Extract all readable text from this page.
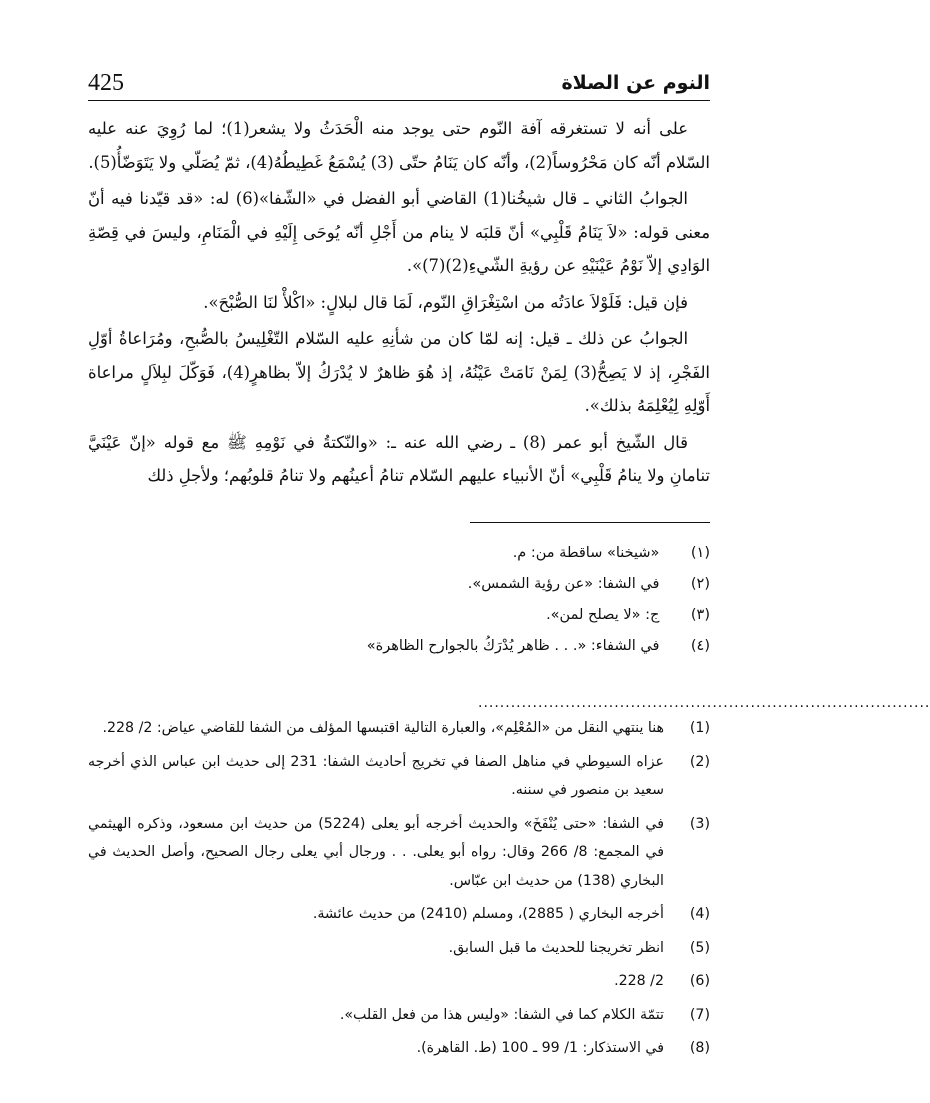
425	النوم عن الصلاة

على أنه لا تستغرقه آفة النّوم حتى يوجد منه الْحَدَثُ ولا يشعر(1)؛ لما رُوِيَ عنه عليه السّلام أنّه كان مَحْرُوساً(2)، وأنّه كان يَنَامُ حتّى (3) يُسْمَعُ غَطِيطُهُ(4)، ثمّ يُصَلّي ولا يَتَوَضّأُ(5).

الجوابُ الثاني ـ قال شيخُنا(1) القاضي أبو الفضل في «الشّفا»(6) له: «قد قيّدنا فيه أنّ معنى قوله: «لاَ يَنَامُ قَلْبِي» أنّ قلبَه لا ينام من أَجْلِ أنّه يُوحَى إِلَيْهِ في الْمَنَامِ، وليسَ في قِصّةِ الوَادِي إلاّ نَوْمُ عَيْنَيْهِ عن رؤيةِ الشّيءِ(2)(7)».

فإن قيل: فَلَوْلاَ عادَتُه من اسْتِغْرَاقِ النّوم، لَمَا قال لبلالٍ: «اكْلأْ لنَا الصُّبْحَ».

الجوابُ عن ذلك ـ قيل: إنه لمّا كان من شأنِهِ عليه السّلام التّغْلِيسُ بالصُّبحِ، ومُرَاعاةُ أوّلِ الفَجْرِ، إذ لا يَصِحُّ(3) لِمَنْ نَامَتْ عَيْنُهُ، إذ هُوَ ظاهرٌ لا يُدْرَكُ إلاّ بظاهرٍ(4)، فَوَكّلَ لبِلاَلٍ مراعاة أَوّلِهِ لِيُعْلِمَهُ بذلك».

قال الشّيخ أبو عمر (8) ـ رضي الله عنه ـ: «والنّكتةُ في نَوْمِهِ ﷺ مع قوله «إنّ عَيْنَيَّ تنامانِ ولا ينامُ قَلْبِي» أنّ الأنبياء عليهم السّلام تنامُ أعينُهم ولا تنامُ قلوبُهم؛ ولأجلِ ذلك

(١) «شيخنا» ساقطة من: م.
(٢) في الشفا: «عن رؤية الشمس».
(٣) ج: «لا يصلح لمن».
(٤) في الشفاء: «. . . ظاهر يُدْرَكُ بالجوارح الظاهرة»
...................................................................................
(1)
هنا ينتهي النقل من «المُعْلِم»، والعبارة التالية اقتبسها المؤلف من الشفا للقاضي عياض: 2/ 228.
(2)
عزاه السيوطي في مناهل الصفا في تخريج أحاديث الشفا: 231 إلى حديث ابن عباس الذي أخرجه سعيد بن منصور في سننه.
(3)
في الشفا: «حتى يُنْفَخَ» والحديث أخرجه أبو يعلى (5224) من حديث ابن مسعود، وذكره الهيثمي في المجمع: 8/ 266 وقال: رواه أبو يعلى. . . ورجال أبي يعلى رجال الصحيح، وأصل الحديث في البخاري (138) من حديث ابن عبّاس.
(4)
أخرجه البخاري ( 2885)، ومسلم (2410) من حديث عائشة.
(5)
انظر تخريجنا للحديث ما قبل السابق.
(6)
2/ 228.
(7)
تتمّة الكلام كما في الشفا: «وليس هذا من فعل القلب».
(8)
في الاستذكار: 1/ 99 ـ 100 (ط. القاهرة).
